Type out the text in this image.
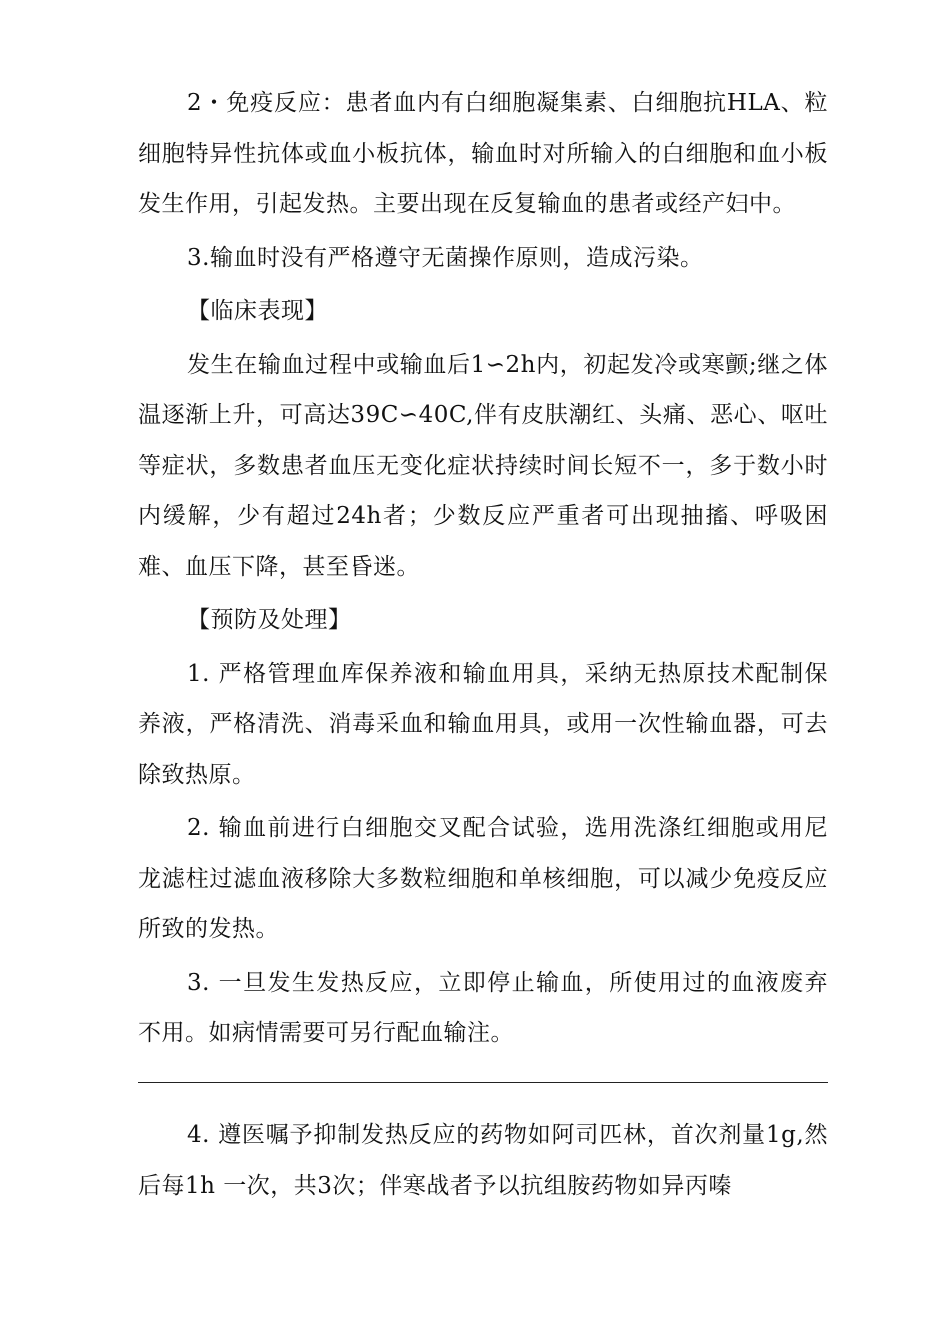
2・免疫反应：患者血内有白细胞凝集素、白细胞抗HLA、粒细胞特异性抗体或血小板抗体，输血时对所输入的白细胞和血小板发生作用，引起发热。主要出现在反复输血的患者或经产妇中。

3.输血时没有严格遵守无菌操作原则，造成污染。

【临床表现】

发生在输血过程中或输血后1∽2h内，初起发冷或寒颤;继之体温逐渐上升，可高达39C∽40C,伴有皮肤潮红、头痛、恶心、呕吐等症状，多数患者血压无变化症状持续时间长短不一，多于数小时内缓解，少有超过24h者；少数反应严重者可出现抽搐、呼吸困难、血压下降，甚至昏迷。

【预防及处理】

1. 严格管理血库保养液和输血用具，采纳无热原技术配制保养液，严格清洗、消毒采血和输血用具，或用一次性输血器，可去除致热原。

2. 输血前进行白细胞交叉配合试验，选用洗涤红细胞或用尼龙滤柱过滤血液移除大多数粒细胞和单核细胞，可以减少免疫反应所致的发热。

3. 一旦发生发热反应，立即停止输血，所使用过的血液废弃不用。如病情需要可另行配血输注。

4. 遵医嘱予抑制发热反应的药物如阿司匹林，首次剂量1g,然后每1h 一次，共3次；伴寒战者予以抗组胺药物如异丙嗪
